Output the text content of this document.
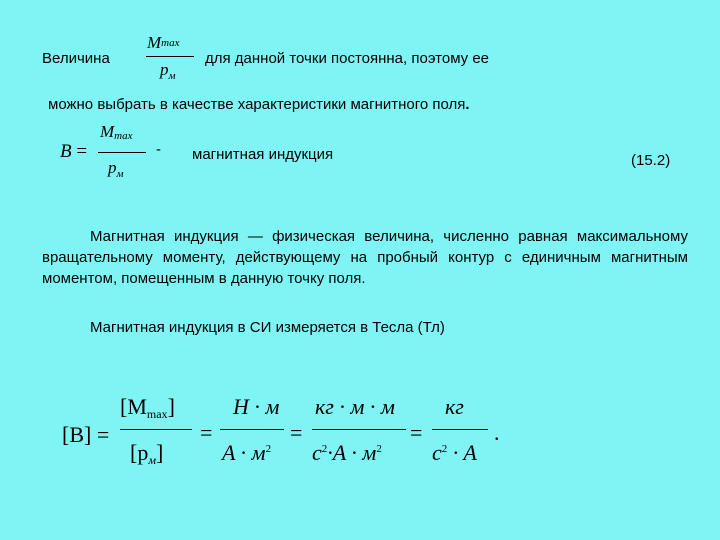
Величина
Mmax
$p_м$
для данной точки постоянна, поэтому ее
можно выбрать в качестве характеристики магнитного поля.
B =
Mmax
$p_м$
- магнитная индукция	(15.2)
Магнитная индукция — физическая величина, численно равная максимальному вращательному моменту, действующему на пробный контур с единичным магнитным моментом, помещенным в данную точку поля.
Магнитная индукция в СИ измеряется в Тесла (Тл)
[B] =
[Mmax]
[pм]
=
H · м
$A \cdot м^2$
=
кг · м · м
$c^2\cdot A \cdot м^2$
=
кг
$c^2 \cdot A$
.
